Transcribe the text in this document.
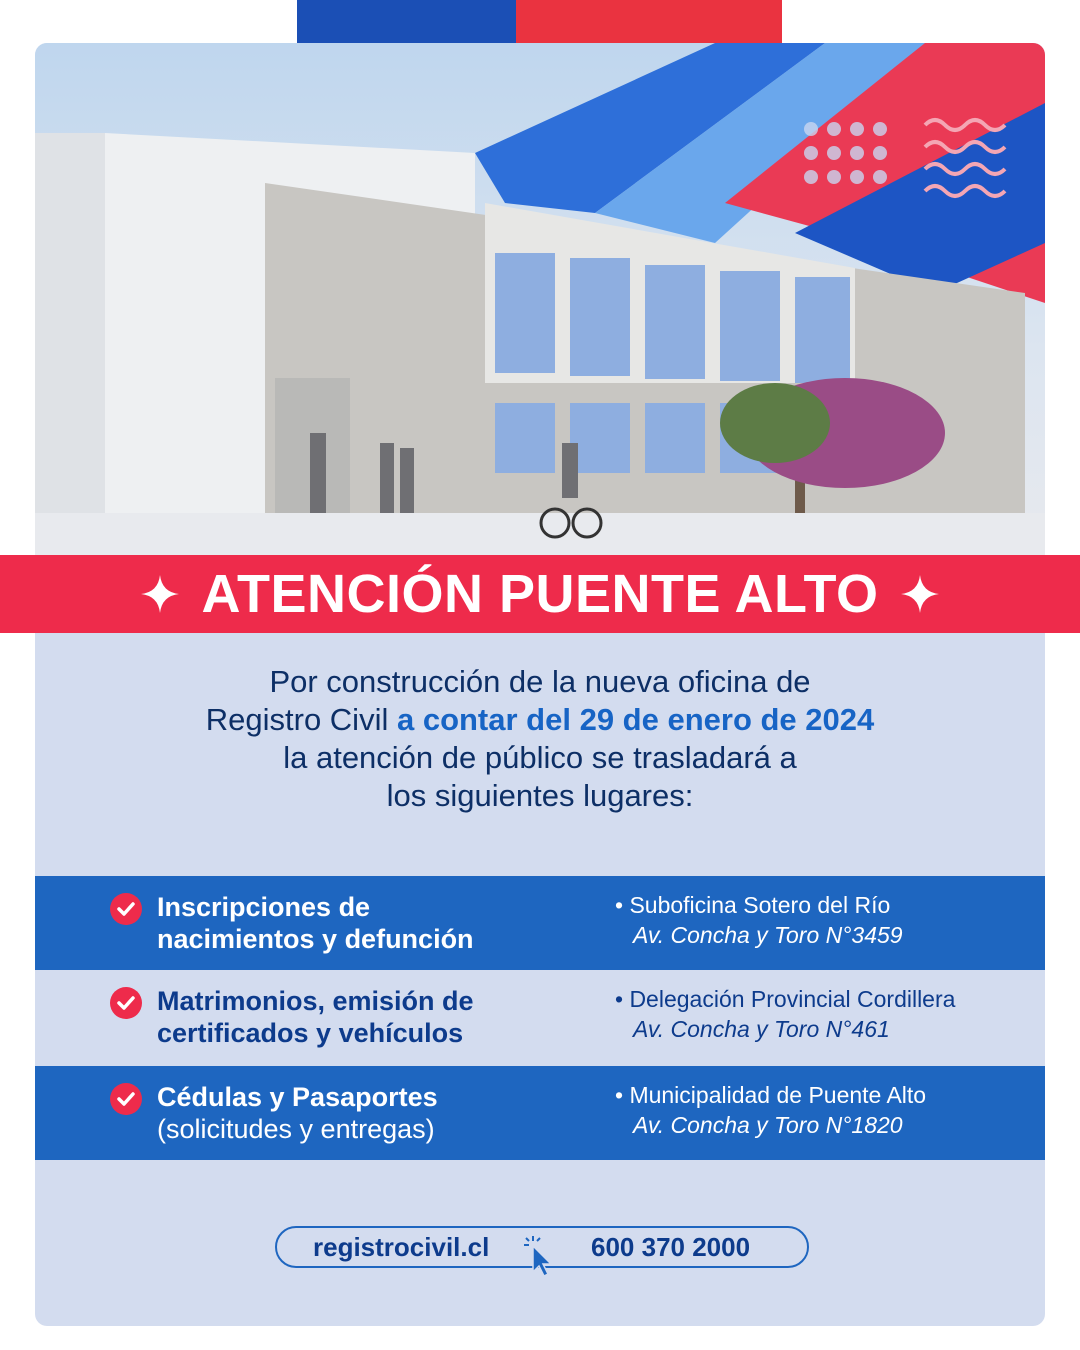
ATENCIÓN PUENTE ALTO
Por construcción de la nueva oficina de
Registro Civil a contar del 29 de enero de 2024
la atención de público se trasladará a
los siguientes lugares:
Inscripciones de
nacimientos y defunción
• Suboficina Sotero del Río
Av. Concha y Toro N°3459
Matrimonios, emisión de
certificados y vehículos
• Delegación Provincial Cordillera
Av. Concha y Toro N°461
Cédulas y Pasaportes
(solicitudes y entregas)
• Municipalidad de Puente Alto
Av. Concha y Toro N°1820
registrocivil.cl	600 370 2000
